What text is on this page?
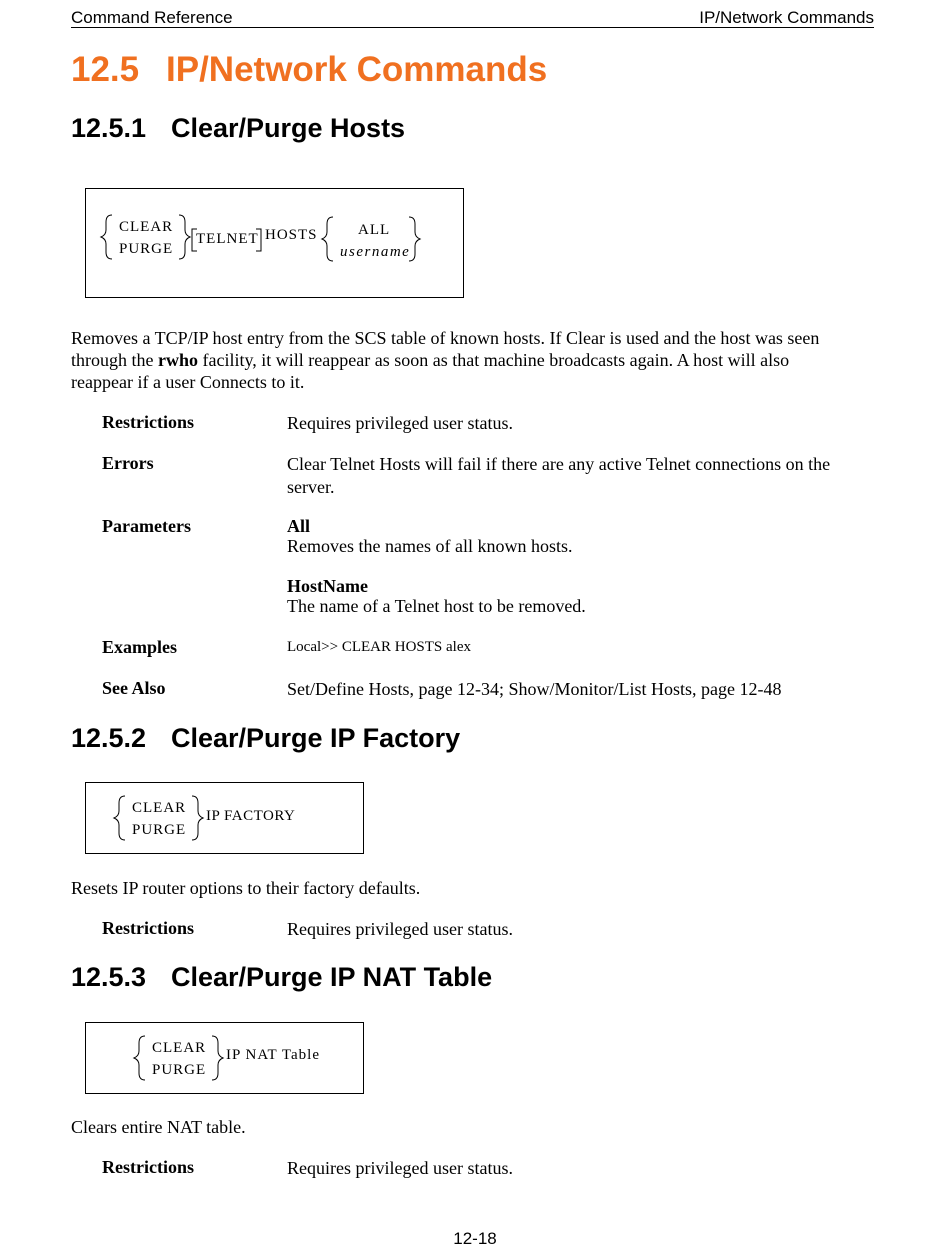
Command Reference	IP/Network Commands
12.5 IP/Network Commands
12.5.1 Clear/Purge Hosts
CLEAR
PURGE
TELNET HOSTS	ALL
username
Removes a TCP/IP host entry from the SCS table of known hosts. If Clear is used and the host was seen
through the rwho facility, it will reappear as soon as that machine broadcasts again. A host will also
reappear if a user Connects to it.
Restrictions	Requires privileged user status.
Errors	Clear Telnet Hosts will fail if there are any active Telnet connections on the server.
Parameters	All
Removes the names of all known hosts.
HostName
The name of a Telnet host to be removed.
Examples	Local>> CLEAR HOSTS alex
See Also	Set/Define Hosts, page 12-34; Show/Monitor/List Hosts, page 12-48
12.5.2 Clear/Purge IP Factory
CLEAR
PURGE
IP FACTORY
Resets IP router options to their factory defaults.
Restrictions	Requires privileged user status.
12.5.3 Clear/Purge IP NAT Table
CLEAR
PURGE
IP NAT Table
Clears entire NAT table.
Restrictions	Requires privileged user status.
12-18
